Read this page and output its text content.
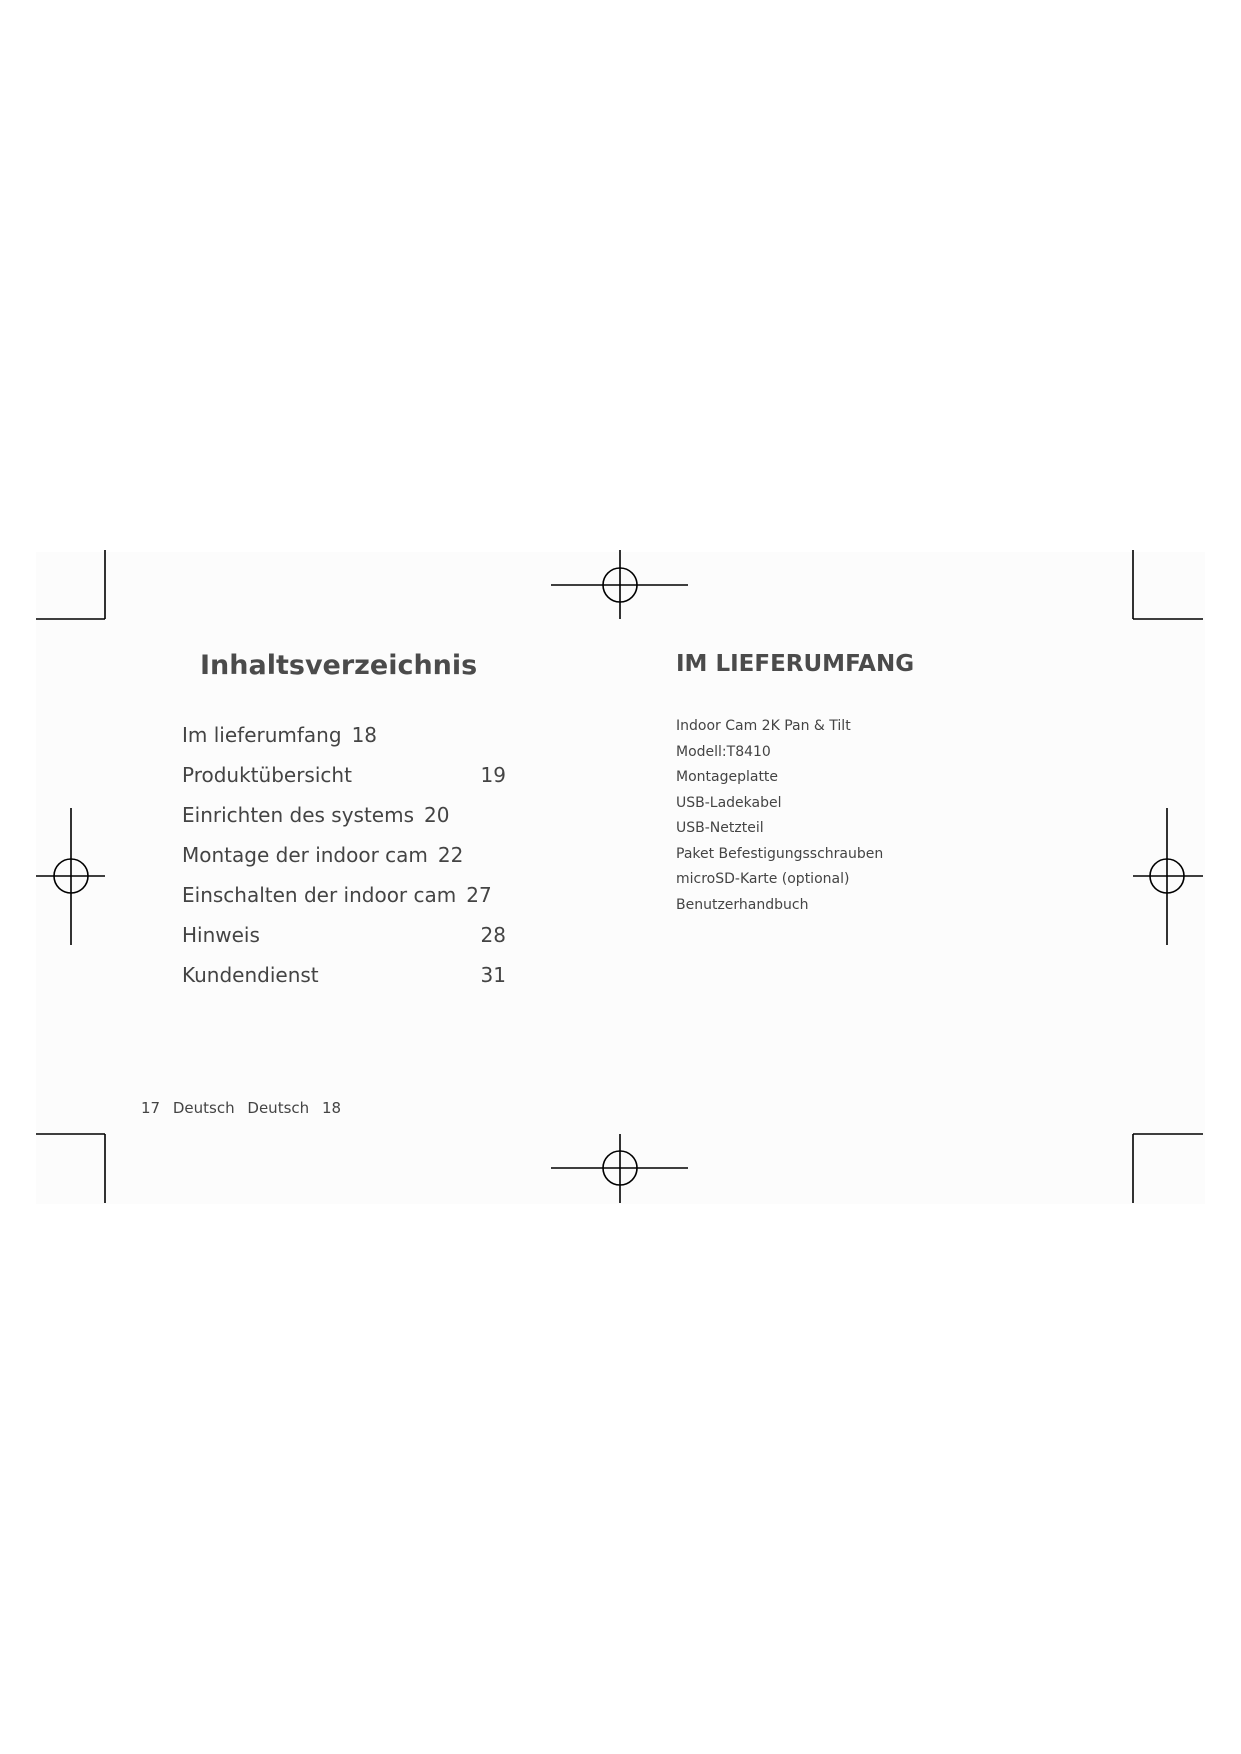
Inhaltsverzeichnis
Im lieferumfang 18
Produktübersicht	19
Einrichten des systems 20
Montage der indoor cam 22
Einschalten der indoor cam 27
Hinweis	28
Kundendienst	31
IM LIEFERUMFANG
Indoor Cam 2K Pan & Tilt
Modell:T8410
Montageplatte
USB-Ladekabel
USB-Netzteil
Paket Befestigungsschrauben
microSD-Karte (optional)
Benutzerhandbuch
17 Deutsch Deutsch 18
